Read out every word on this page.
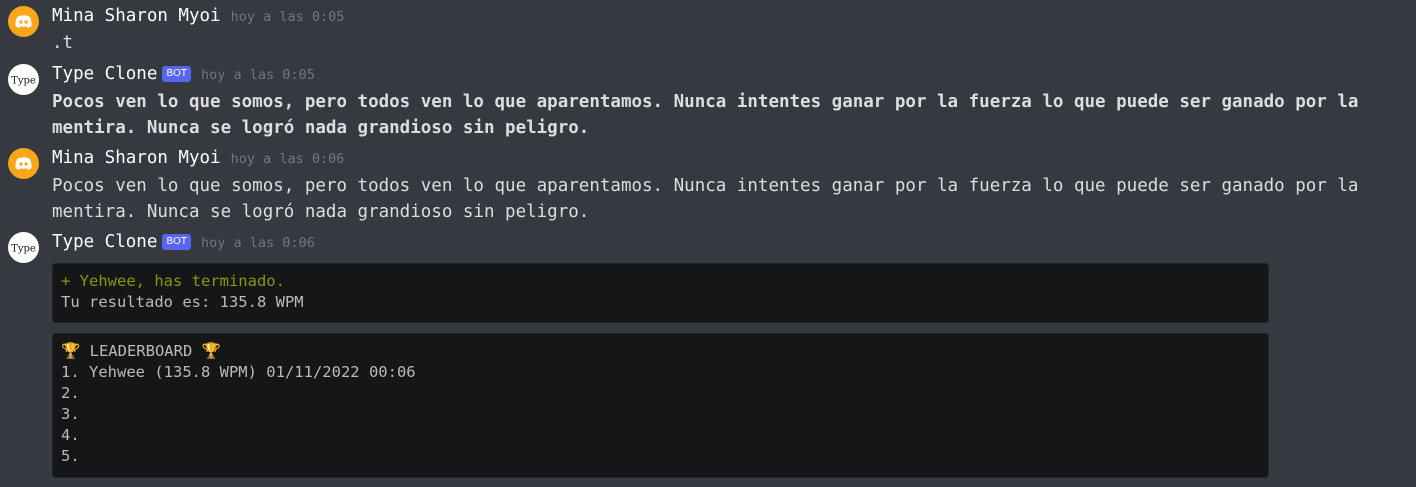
Mina Sharon Myoi hoy a las 0:05
.t
Type Type Clone BOT hoy a las 0:05
Pocos ven lo que somos, pero todos ven lo que aparentamos. Nunca intentes ganar por la fuerza lo que puede ser ganado por la mentira. Nunca se logró nada grandioso sin peligro.
Mina Sharon Myoi hoy a las 0:06
Pocos ven lo que somos, pero todos ven lo que aparentamos. Nunca intentes ganar por la fuerza lo que puede ser ganado por la mentira. Nunca se logró nada grandioso sin peligro.
Type Type Clone BOT hoy a las 0:06
+ Yehwee, has terminado.
Tu resultado es: 135.8 WPM
🏆 LEADERBOARD 🏆
1. Yehwee (135.8 WPM) 01/11/2022 00:06
2.
3.
4.
5.
